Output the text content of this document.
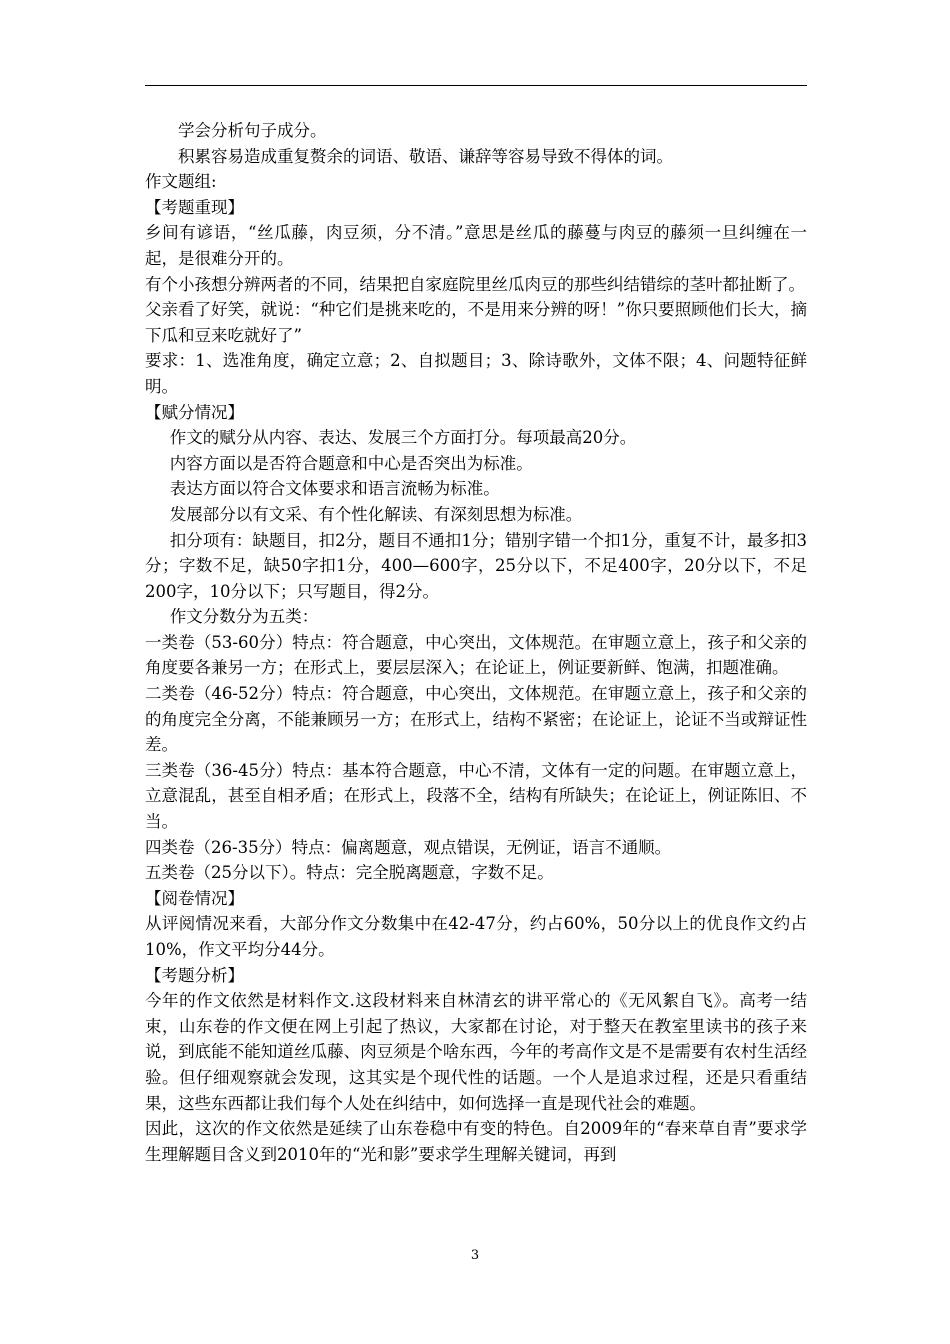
学会分析句子成分。

积累容易造成重复赘余的词语、敬语、谦辞等容易导致不得体的词。

作文题组:

【考题重现】

乡间有谚语，“丝瓜藤，肉豆须，分不清。”意思是丝瓜的藤蔓与肉豆的藤须一旦纠缠在一起，是很难分开的。

有个小孩想分辨两者的不同，结果把自家庭院里丝瓜肉豆的那些纠结错综的茎叶都扯断了。

父亲看了好笑，就说：“种它们是挑来吃的，不是用来分辨的呀！”你只要照顾他们长大，摘下瓜和豆来吃就好了”

要求：1、选准角度，确定立意；2、自拟题目；3、除诗歌外，文体不限；4、问题特征鲜明。

【赋分情况】

作文的赋分从内容、表达、发展三个方面打分。每项最高20分。

内容方面以是否符合题意和中心是否突出为标准。

表达方面以符合文体要求和语言流畅为标准。

发展部分以有文采、有个性化解读、有深刻思想为标准。

扣分项有：缺题目，扣2分，题目不通扣1分；错别字错一个扣1分，重复不计，最多扣3分；字数不足，缺50字扣1分，400—600字，25分以下，不足400字，20分以下，不足200字，10分以下；只写题目，得2分。

作文分数分为五类：

一类卷（53-60分）特点：符合题意，中心突出，文体规范。在审题立意上，孩子和父亲的角度要各兼另一方；在形式上，要层层深入；在论证上，例证要新鲜、饱满，扣题准确。

二类卷（46-52分）特点：符合题意，中心突出，文体规范。在审题立意上，孩子和父亲的的角度完全分离，不能兼顾另一方；在形式上，结构不紧密；在论证上，论证不当或辩证性差。

三类卷（36-45分）特点：基本符合题意，中心不清，文体有一定的问题。在审题立意上，立意混乱，甚至自相矛盾；在形式上，段落不全，结构有所缺失；在论证上，例证陈旧、不当。

四类卷（26-35分）特点：偏离题意，观点错误，无例证，语言不通顺。

五类卷（25分以下）。特点：完全脱离题意，字数不足。

【阅卷情况】

从评阅情况来看，大部分作文分数集中在42-47分，约占60%，50分以上的优良作文约占10%，作文平均分44分。

【考题分析】

今年的作文依然是材料作文.这段材料来自林清玄的讲平常心的《无风絮自飞》。高考一结束，山东卷的作文便在网上引起了热议，大家都在讨论，对于整天在教室里读书的孩子来说，到底能不能知道丝瓜藤、肉豆须是个啥东西，今年的考高作文是不是需要有农村生活经验。但仔细观察就会发现，这其实是个现代性的话题。一个人是追求过程，还是只看重结果，这些东西都让我们每个人处在纠结中，如何选择一直是现代社会的难题。

因此，这次的作文依然是延续了山东卷稳中有变的特色。自2009年的“春来草自青”要求学生理解题目含义到2010年的“光和影”要求学生理解关键词，再到

3
